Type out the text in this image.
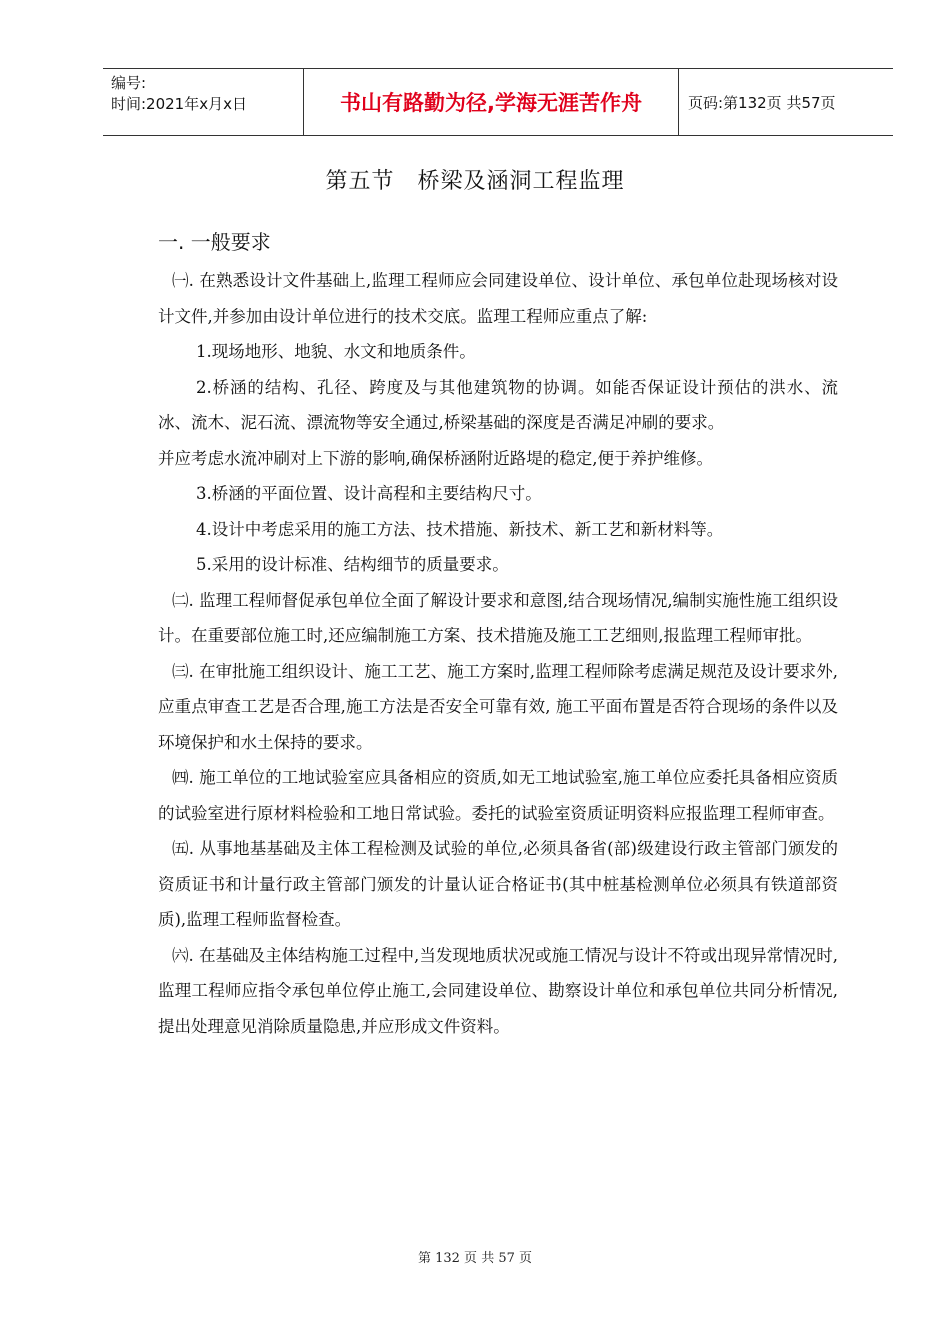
编号:
时间:2021年x月x日	书山有路勤为径,学海无涯苦作舟	页码:第132页 共57页
第五节　桥梁及涵洞工程监理
一. 一般要求

㈠. 在熟悉设计文件基础上,监理工程师应会同建设单位、设计单位、承包单位赴现场核对设计文件,并参加由设计单位进行的技术交底。监理工程师应重点了解:

1.现场地形、地貌、水文和地质条件。

2.桥涵的结构、孔径、跨度及与其他建筑物的协调。如能否保证设计预估的洪水、流冰、流木、泥石流、漂流物等安全通过,桥梁基础的深度是否满足冲刷的要求。

并应考虑水流冲刷对上下游的影响,确保桥涵附近路堤的稳定,便于养护维修。

3.桥涵的平面位置、设计高程和主要结构尺寸。

4.设计中考虑采用的施工方法、技术措施、新技术、新工艺和新材料等。

5.采用的设计标准、结构细节的质量要求。

㈡. 监理工程师督促承包单位全面了解设计要求和意图,结合现场情况,编制实施性施工组织设计。在重要部位施工时,还应编制施工方案、技术措施及施工工艺细则,报监理工程师审批。

㈢. 在审批施工组织设计、施工工艺、施工方案时,监理工程师除考虑满足规范及设计要求外,应重点审查工艺是否合理,施工方法是否安全可靠有效, 施工平面布置是否符合现场的条件以及环境保护和水土保持的要求。

㈣. 施工单位的工地试验室应具备相应的资质,如无工地试验室,施工单位应委托具备相应资质的试验室进行原材料检验和工地日常试验。委托的试验室资质证明资料应报监理工程师审查。

㈤. 从事地基基础及主体工程检测及试验的单位,必须具备省(部)级建设行政主管部门颁发的资质证书和计量行政主管部门颁发的计量认证合格证书(其中桩基检测单位必须具有铁道部资质),监理工程师监督检查。

㈥. 在基础及主体结构施工过程中,当发现地质状况或施工情况与设计不符或出现异常情况时,监理工程师应指令承包单位停止施工,会同建设单位、勘察设计单位和承包单位共同分析情况,提出处理意见消除质量隐患,并应形成文件资料。

第 132 页 共 57 页
